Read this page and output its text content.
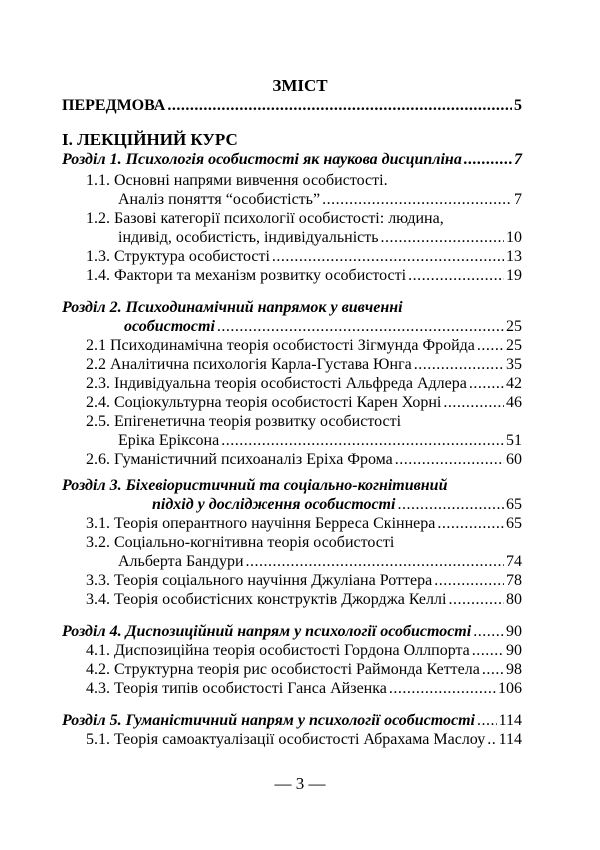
ЗМІСТ
ПЕРЕДМОВА .....	5
І. ЛЕКЦІЙНИЙ КУРС
Розділ 1. Психологія особистості як наукова дисципліна .....	7
1.1. Основні напрями вивчення особистості.
Аналіз поняття “особистість” .....	7
1.2. Базові категорії психології особистості: людина,
індивід, особистість, індивідуальність .....	10
1.3. Структура особистості .....	13
1.4. Фактори та механізм розвитку особистості .....	19
Розділ 2. Психодинамічний напрямок у вивченні
особистості .....	25
2.1 Психодинамічна теорія особистості Зігмунда Фройда ..... 25
2.2 Аналітична психологія Карла-Густава Юнга .....	35
2.3. Індивідуальна теорія особистості Альфреда Адлера ..... 42
2.4. Соціокультурна теорія особистості Карен Хорні .....	46
2.5. Епігенетична теорія розвитку особистості
Еріка Еріксона .....	51
2.6. Гуманістичний психоаналіз Еріха Фрома .....	60
Розділ 3. Біхевіористичний та соціально-когнітивний
підхід у дослідження особистості .....	65
3.1. Теорія оперантного научіння Берреса Скіннера .....	65
3.2. Соціально-когнітивна теорія особистості
Альберта Бандури .....	74
3.3. Теорія соціального научіння Джуліана Роттера .....	78
3.4. Теорія особистісних конструктів Джорджа Келлі .....	80
Розділ 4. Диспозиційний напрям у психології особистості ..... 90
4.1. Диспозиційна теорія особистості Гордона Оллпорта ..... 90
4.2. Структурна теорія рис особистості Раймонда Кеттела ..... 98
4.3. Теорія типів особистості Ганса Айзенка .....	106
Розділ 5. Гуманістичний напрям у психології особистості ..... 114
5.1. Теорія самоактуалізації особистості Абрахама Маслоу ..... 114
— 3 —
